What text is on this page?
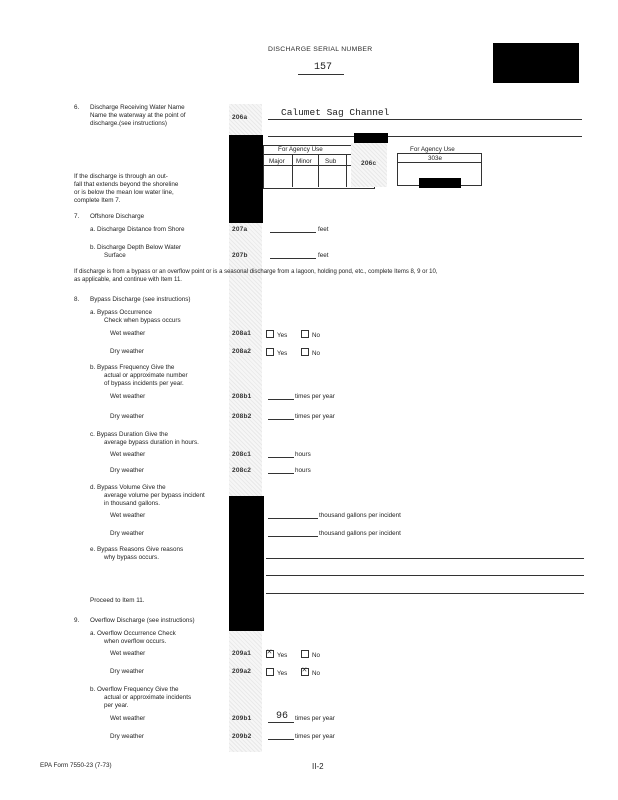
DISCHARGE SERIAL NUMBER
157
6. Discharge Receiving Water Name
Name the waterway at the point of
discharge.(see instructions)
206a	Calumet Sag Channel
For Agency Use
Major Minor Sub	206c
For Agency Use
303e
If the discharge is through an out-
fall that extends beyond the shoreline
or is below the mean low water line,
complete Item 7.
7. Offshore Discharge
a. Discharge Distance from Shore	207a	feet
b. Discharge Depth Below Water
Surface	207b	feet
If discharge is from a bypass or an overflow point or is a seasonal discharge from a lagoon, holding pond, etc., complete Items 8, 9 or 10,
as applicable, and continue with Item 11.
8. Bypass Discharge (see instructions)
a. Bypass Occurrence
Check when bypass occurs
Wet weather	208a1	Yes	No
Dry weather	208a2	Yes	No
b. Bypass Frequency Give the
actual or approximate number
of bypass incidents per year.
Wet weather	208b1	times per year
Dry weather	208b2	times per year
c. Bypass Duration Give the
average bypass duration in hours.
Wet weather	208c1	hours
Dry weather	208c2	hours
d. Bypass Volume Give the
average volume per bypass incident
in thousand gallons.
Wet weather	thousand gallons per incident
Dry weather	thousand gallons per incident
e. Bypass Reasons Give reasons
why bypass occurs.
Proceed to Item 11.
9. Overflow Discharge (see instructions)
a. Overflow Occurrence Check
when overflow occurs.
Wet weather	209a1 ✕	Yes	No
Dry weather	209a2	Yes ✕	No
b. Overflow Frequency Give the
actual or approximate incidents
per year.
Wet weather	209b1 96 times per year
Dry weather	209b2	times per year
EPA Form 7550-23 (7-73)	II-2
